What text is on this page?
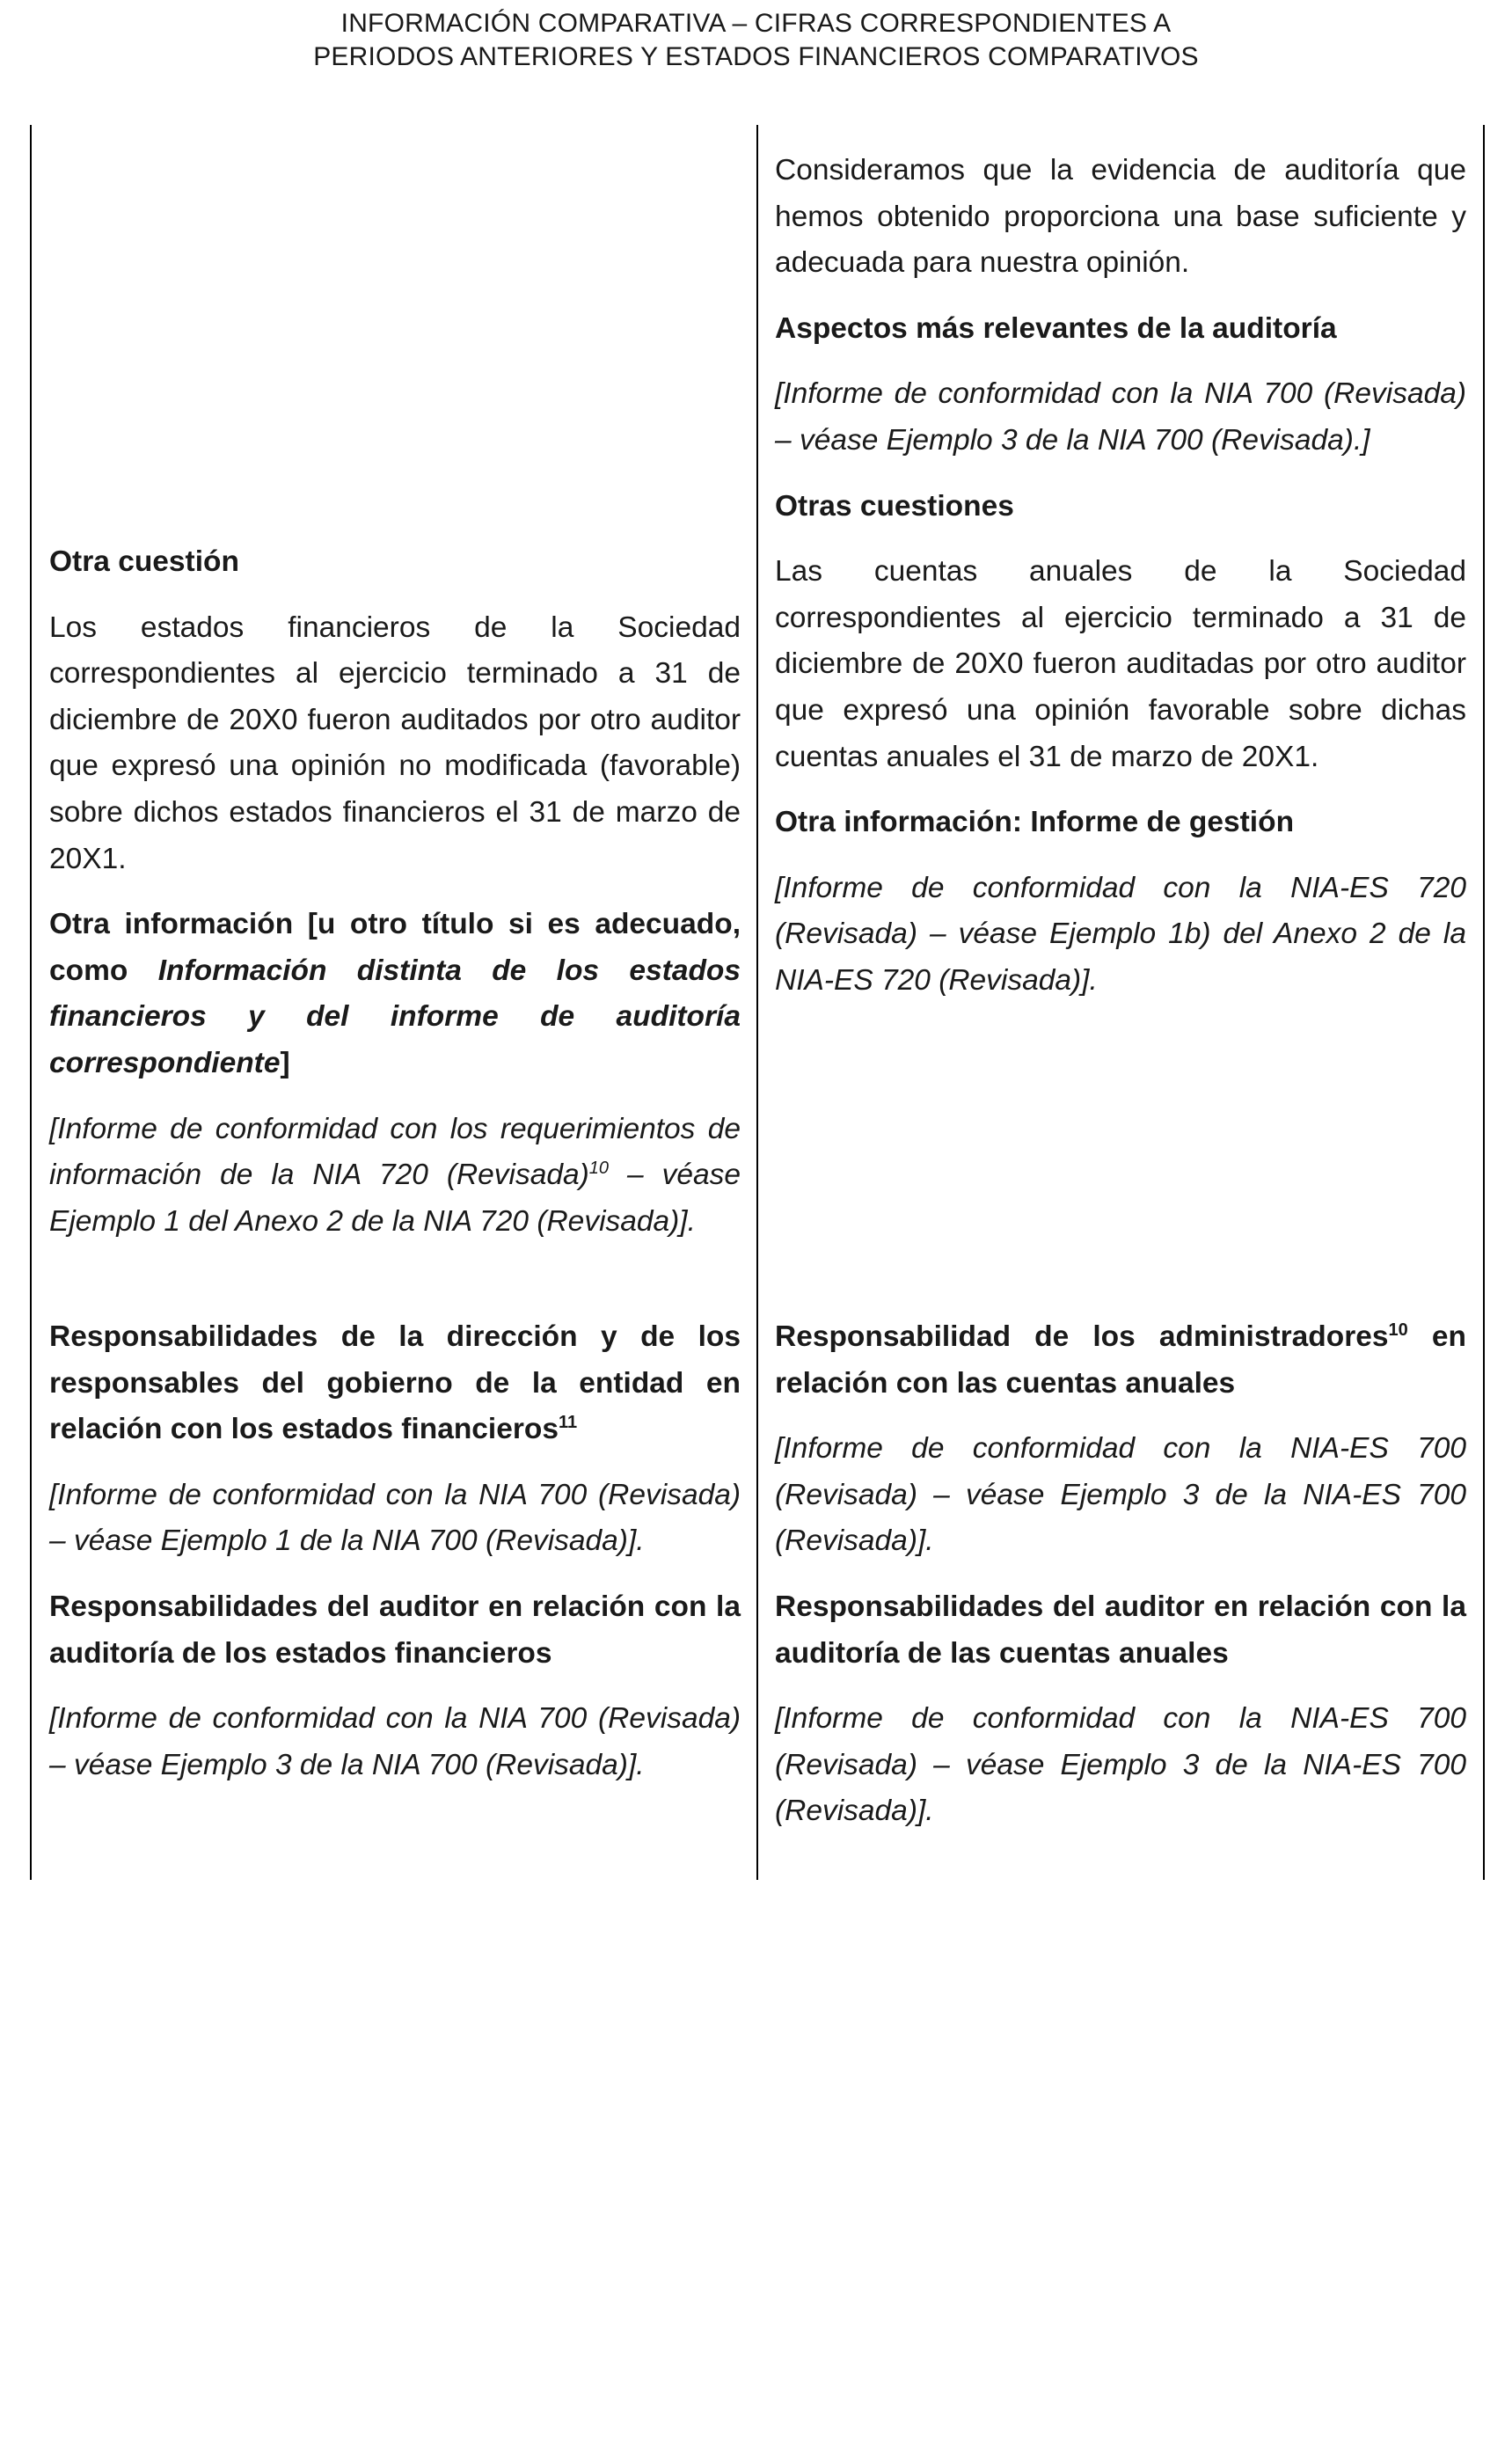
INFORMACIÓN COMPARATIVA – CIFRAS CORRESPONDIENTES A
PERIODOS ANTERIORES Y ESTADOS FINANCIEROS COMPARATIVOS

Otra cuestión

Los estados financieros de la Sociedad correspondientes al ejercicio terminado a 31 de diciembre de 20X0 fueron auditados por otro auditor que expresó una opinión no modificada (favorable) sobre dichos estados financieros el 31 de marzo de 20X1.

Otra información [u otro título si es adecuado, como Información distinta de los estados financieros y del informe de auditoría correspondiente]

[Informe de conformidad con los requerimientos de información de la NIA 720 (Revisada)$^{10}$ – véase Ejemplo 1 del Anexo 2 de la NIA 720 (Revisada)].

Responsabilidades de la dirección y de los responsables del gobierno de la entidad en relación con los estados financieros$^{11}$

[Informe de conformidad con la NIA 700 (Revisada) – véase Ejemplo 1 de la NIA 700 (Revisada)].

Responsabilidades del auditor en relación con la auditoría de los estados financieros

[Informe de conformidad con la NIA 700 (Revisada) – véase Ejemplo 3 de la NIA 700 (Revisada)].

Consideramos que la evidencia de auditoría que hemos obtenido proporciona una base suficiente y adecuada para nuestra opinión.

Aspectos más relevantes de la auditoría

[Informe de conformidad con la NIA 700 (Revisada) – véase Ejemplo 3 de la NIA 700 (Revisada).]

Otras cuestiones

Las cuentas anuales de la Sociedad correspondientes al ejercicio terminado a 31 de diciembre de 20X0 fueron auditadas por otro auditor que expresó una opinión favorable sobre dichas cuentas anuales el 31 de marzo de 20X1.

Otra información: Informe de gestión

[Informe de conformidad con la NIA-ES 720 (Revisada) – véase Ejemplo 1b) del Anexo 2 de la NIA-ES 720 (Revisada)].

Responsabilidad de los administradores$^{10}$ en relación con las cuentas anuales

[Informe de conformidad con la NIA-ES 700 (Revisada) – véase Ejemplo 3 de la NIA-ES 700 (Revisada)].

Responsabilidades del auditor en relación con la auditoría de las cuentas anuales

[Informe de conformidad con la NIA-ES 700 (Revisada) – véase Ejemplo 3 de la NIA-ES 700 (Revisada)].
